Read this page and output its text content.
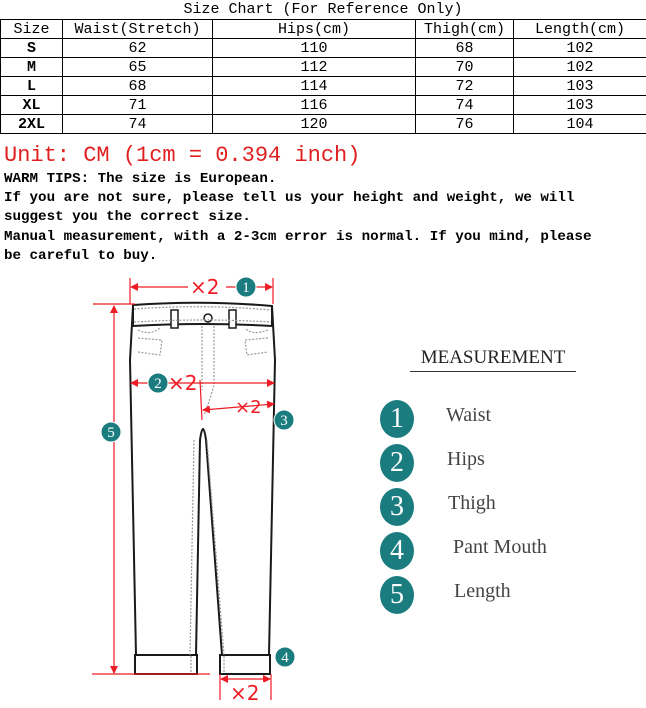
Size Chart (For Reference Only)
Size	Waist(Stretch)	Hips(cm)	Thigh(cm)	Length(cm)
S	62	110	68	102
M	65	112	70	102
L	68	114	72	103
XL	71	116	74	103
2XL	74	120	76	104
Unit: CM (1cm = 0.394 inch)
WARM TIPS: The size is European.
If you are not sure, please tell us your height and weight, we will
suggest you the correct size.
Manual measurement, with a 2-3cm error is normal. If you mind, please
be careful to buy.
×2
×2
×2
×2
1
2
3
4
5
MEASUREMENT
1	Waist
2	Hips
3	Thigh
4	Pant Mouth
5	Length
